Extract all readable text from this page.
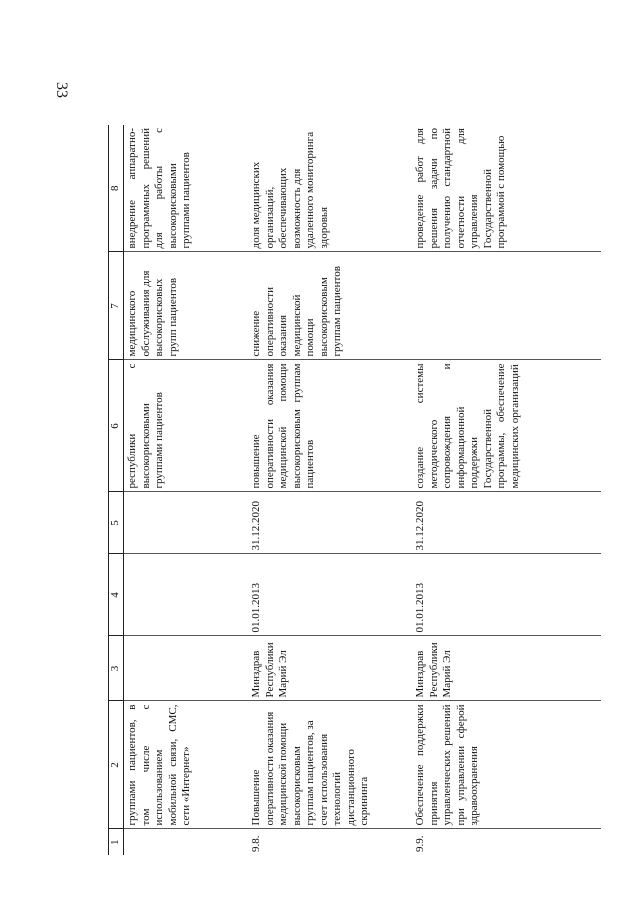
33
1	2	3	4	5	6	7	8
	группами пациентов, в том числе с использованием мобильной связи, СМС, сети «Интернет»				республики с высокорисковыми группами пациентов	медицинского обслуживания для высокорисковых групп пациентов	внедрение аппаратно-программных решений для работы с высокорисковыми группами пациентов
9.8.	Повышение оперативности оказания медицинской помощи высокорисковым группам пациентов, за счет использования технологий дистанционного скрининга	Минздрав Республики Марий Эл	01.01.2013	31.12.2020	повышение оперативности оказания медицинской помощи высокорисковым группам пациентов	снижение оперативности оказания медицинской помощи высокорисковым группам пациентов	доля медицинских организаций, обеспечивающих возможность для удаленного мониторинга здоровья
9.9.	Обеспечение поддержки принятия управленческих решений при управлении сферой здравоохранения	Минздрав Республики Марий Эл	01.01.2013	31.12.2020	создание системы методического сопровождения и информационной поддержки Государственной программы, обеспечение медицинских организаций		проведение работ для решения задачи по получению стандартной отчетности для управления Государственной программой с помощью
